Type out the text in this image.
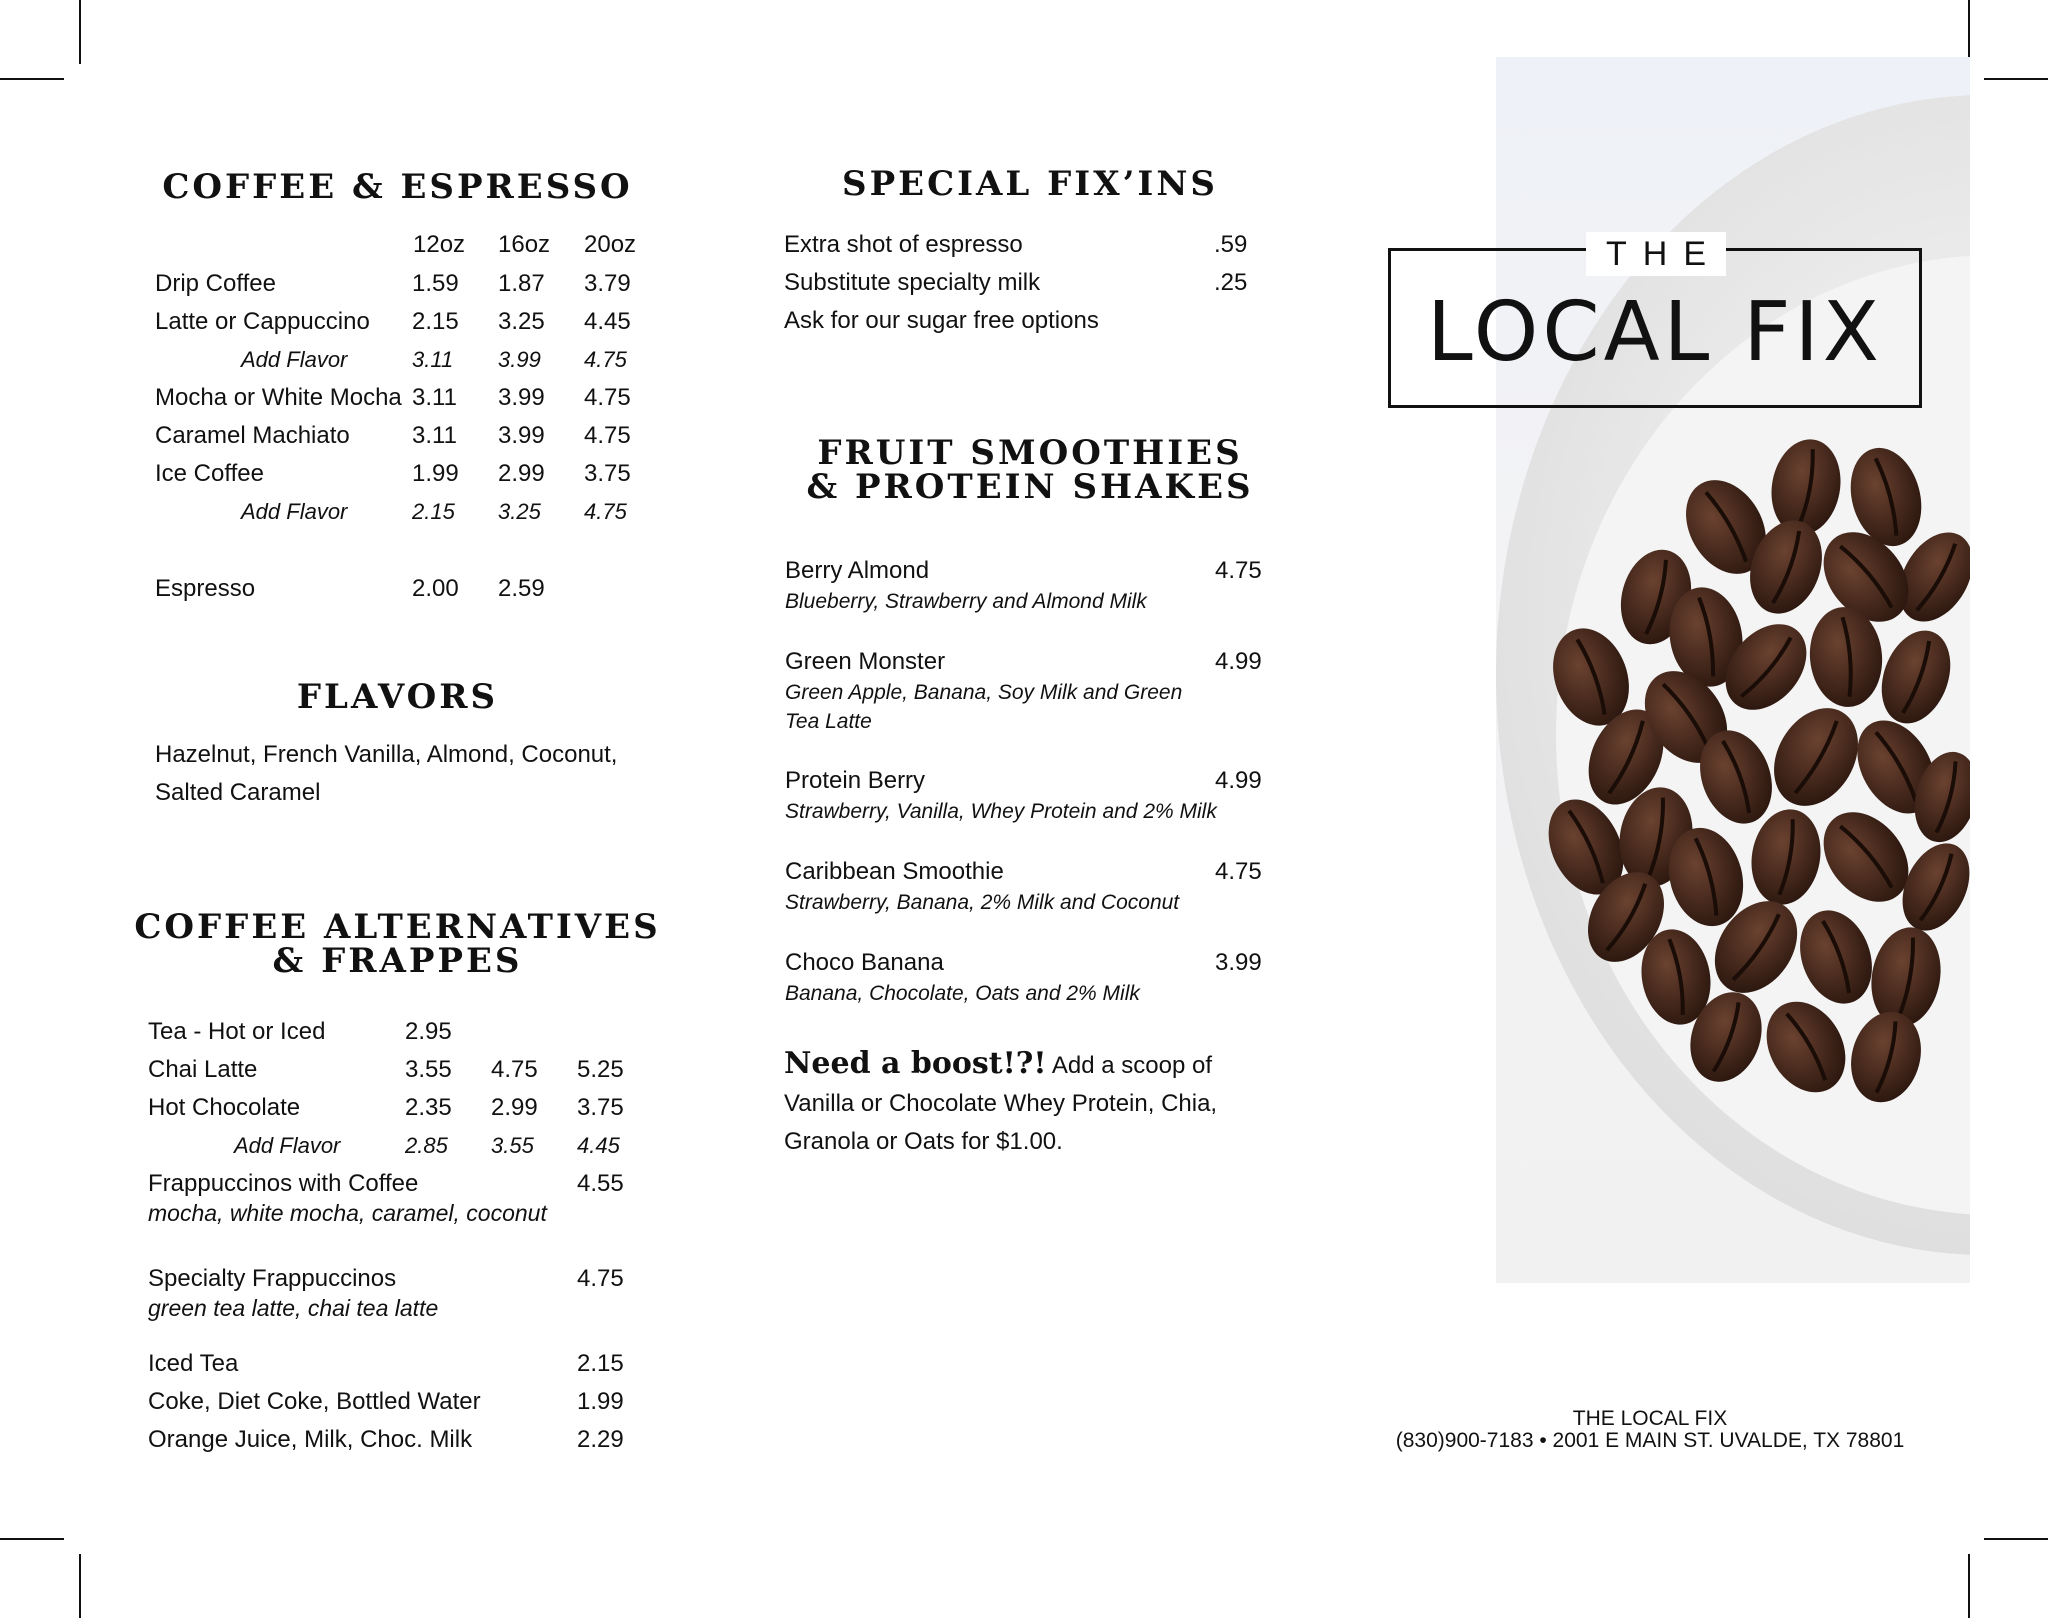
COFFEE & ESPRESSO
12oz 16oz 20oz
Drip Coffee	1.59 1.87 3.79
Latte or Cappuccino 2.15 3.25 4.45
Add Flavor	3.11 3.99 4.75
Mocha or White Mocha 3.11 3.99 4.75
Caramel Machiato	3.11 3.99 4.75
Ice Coffee	1.99 2.99 3.75
Add Flavor	2.15 3.25 4.75
Espresso	2.00 2.59
FLAVORS
Hazelnut, French Vanilla, Almond, Coconut,
Salted Caramel
COFFEE ALTERNATIVES
& FRAPPES
Tea - Hot or Iced	2.95
Chai Latte	3.55 4.75 5.25
Hot Chocolate	2.35 2.99 3.75
Add Flavor	2.85 3.55 4.45
Frappuccinos with Coffee	4.55
mocha, white mocha, caramel, coconut
Specialty Frappuccinos	4.75
green tea latte, chai tea latte
Iced Tea	2.15
Coke, Diet Coke, Bottled Water	1.99
Orange Juice, Milk, Choc. Milk	2.29
SPECIAL FIX’INS
Extra shot of espresso	.59
Substitute specialty milk	.25
Ask for our sugar free options
FRUIT SMOOTHIES
& PROTEIN SHAKES
Berry Almond	4.75
Blueberry, Strawberry and Almond Milk
Green Monster	4.99
Green Apple, Banana, Soy Milk and Green
Tea Latte
Protein Berry	4.99
Strawberry, Vanilla, Whey Protein and 2% Milk
Caribbean Smoothie	4.75
Strawberry, Banana, 2% Milk and Coconut
Choco Banana	3.99
Banana, Chocolate, Oats and 2% Milk
Need a boost!?! Add a scoop of
Vanilla or Chocolate Whey Protein, Chia,
Granola or Oats for $1.00.
THE
LOCAL FIX
THE LOCAL FIX
(830)900-7183 • 2001 E MAIN ST. UVALDE, TX 78801
